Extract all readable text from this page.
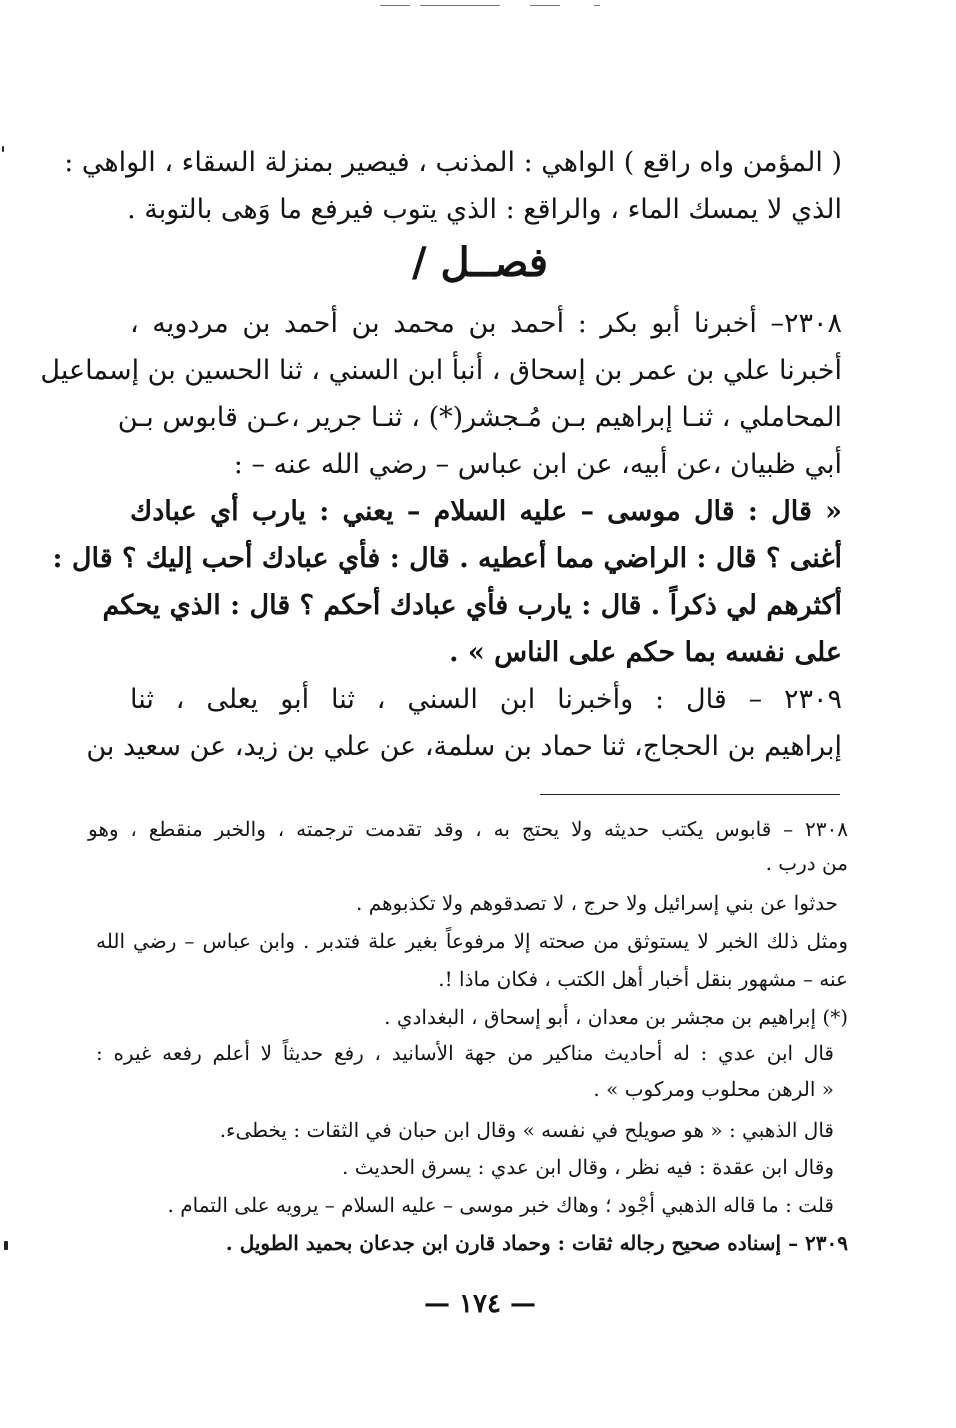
( المؤمن واه راقع ) الواهي : المذنب ، فيصير بمنزلة السقاء ، الواهي :
الذي لا يمسك الماء ، والراقع : الذي يتوب فيرفع ما وَهى بالتوبة .
فصــل /
٢٣٠٨– أخبرنا أبو بكر : أحمد بن محمد بن أحمد بن مردويه ،
أخبرنا علي بن عمر بن إسحاق ، أنبأ ابن السني ، ثنا الحسين بن إسماعيل
المحاملي ، ثنـا إبراهيم بـن مُـجشر(*) ، ثنـا جرير ،عـن قابوس بـن
أبي ظبيان ،عن أبيه، عن ابن عباس – رضي الله عنه – :
« قال : قال موسى – عليه السلام – يعني : يارب أي عبادك
أغنى ؟ قال : الراضي مما أعطيه . قال : فأي عبادك أحب إليك ؟ قال :
أكثرهم لي ذكراً . قال : يارب فأي عبادك أحكم ؟ قال : الذي يحكم
على نفسه بما حكم على الناس » .
٢٣٠٩ – قال : وأخبرنا ابن السني ، ثنا أبو يعلى ، ثنا
إبراهيم بن الحجاج، ثنا حماد بن سلمة، عن علي بن زيد، عن سعيد بن
٢٣٠٨ – قابوس يكتب حديثه ولا يحتج به ، وقد تقدمت ترجمته ، والخبر منقطع ، وهو
من درب .
حدثوا عن بني إسرائيل ولا حرج ، لا تصدقوهم ولا تكذبوهم .
ومثل ذلك الخبر لا يستوثق من صحته إلا مرفوعاً بغير علة فتدبر . وابن عباس – رضي الله
عنه – مشهور بنقل أخبار أهل الكتب ، فكان ماذا !.
(*) إبراهيم بن مجشر بن معدان ، أبو إسحاق ، البغدادي .
قال ابن عدي : له أحاديث مناكير من جهة الأسانيد ، رفع حديثاً لا أعلم رفعه غيره :
« الرهن محلوب ومركوب » .
قال الذهبي : « هو صويلح في نفسه » وقال ابن حبان في الثقات : يخطىء.
وقال ابن عقدة : فيه نظر ، وقال ابن عدي : يسرق الحديث .
قلت : ما قاله الذهبي أجْود ؛ وهاك خبر موسى – عليه السلام – يرويه على التمام .
٢٣٠٩ – إسناده صحيح رجاله ثقات : وحماد قارن ابن جدعان بحميد الطويل .
— ١٧٤ —
